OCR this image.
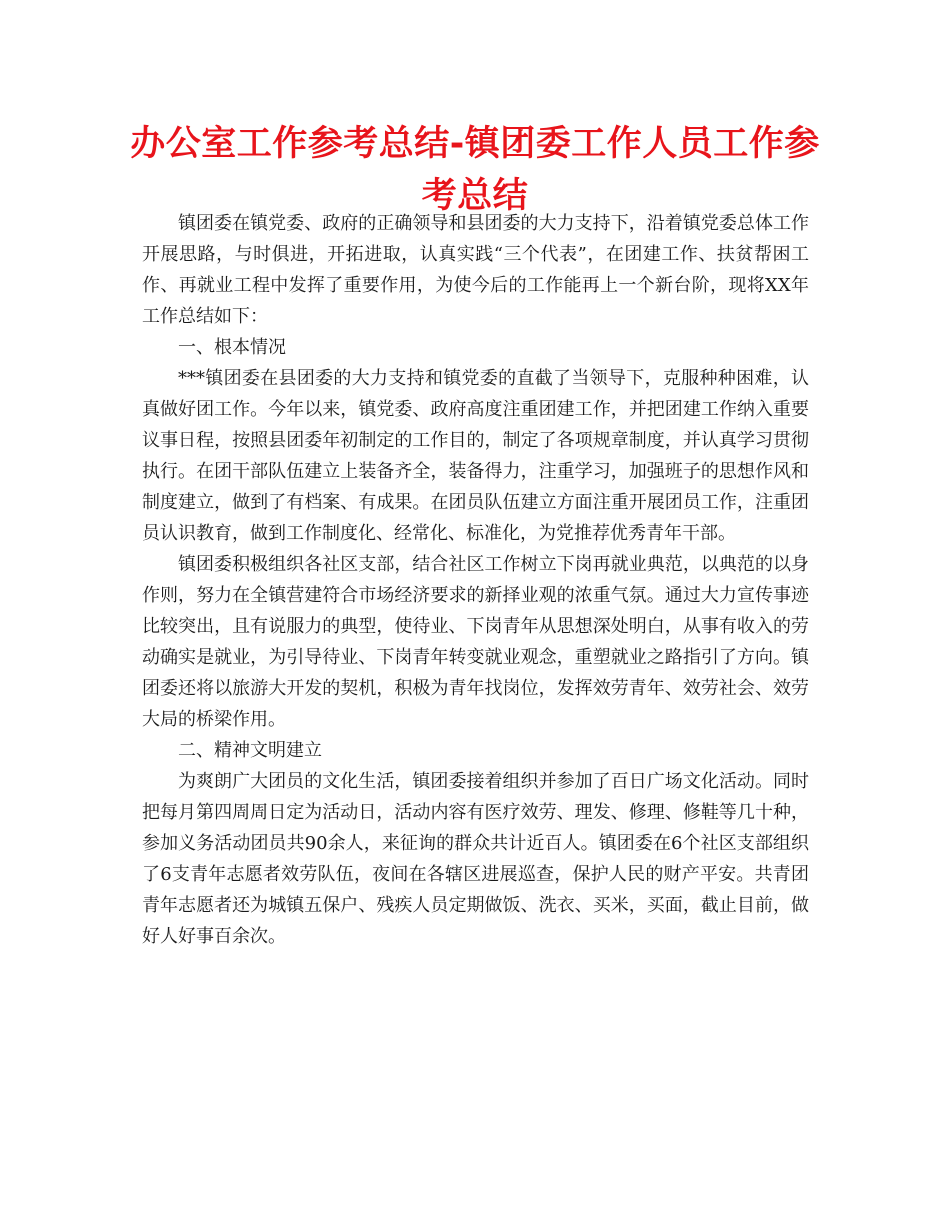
办公室工作参考总结-镇团委工作人员工作参考总结

镇团委在镇党委、政府的正确领导和县团委的大力支持下，沿着镇党委总体工作开展思路，与时俱进，开拓进取，认真实践“三个代表”，在团建工作、扶贫帮困工作、再就业工程中发挥了重要作用，为使今后的工作能再上一个新台阶，现将XX年工作总结如下：

一、根本情况

***镇团委在县团委的大力支持和镇党委的直截了当领导下，克服种种困难，认真做好团工作。今年以来，镇党委、政府高度注重团建工作，并把团建工作纳入重要议事日程，按照县团委年初制定的工作目的，制定了各项规章制度，并认真学习贯彻执行。在团干部队伍建立上装备齐全，装备得力，注重学习，加强班子的思想作风和制度建立，做到了有档案、有成果。在团员队伍建立方面注重开展团员工作，注重团员认识教育，做到工作制度化、经常化、标准化，为党推荐优秀青年干部。

镇团委积极组织各社区支部，结合社区工作树立下岗再就业典范，以典范的以身作则，努力在全镇营建符合市场经济要求的新择业观的浓重气氛。通过大力宣传事迹比较突出，且有说服力的典型，使待业、下岗青年从思想深处明白，从事有收入的劳动确实是就业，为引导待业、下岗青年转变就业观念，重塑就业之路指引了方向。镇团委还将以旅游大开发的契机，积极为青年找岗位，发挥效劳青年、效劳社会、效劳大局的桥梁作用。

二、精神文明建立

为爽朗广大团员的文化生活，镇团委接着组织并参加了百日广场文化活动。同时把每月第四周周日定为活动日，活动内容有医疗效劳、理发、修理、修鞋等几十种，参加义务活动团员共90余人，来征询的群众共计近百人。镇团委在6个社区支部组织了6支青年志愿者效劳队伍，夜间在各辖区进展巡查，保护人民的财产平安。共青团青年志愿者还为城镇五保户、残疾人员定期做饭、洗衣、买米，买面，截止目前，做好人好事百余次。
